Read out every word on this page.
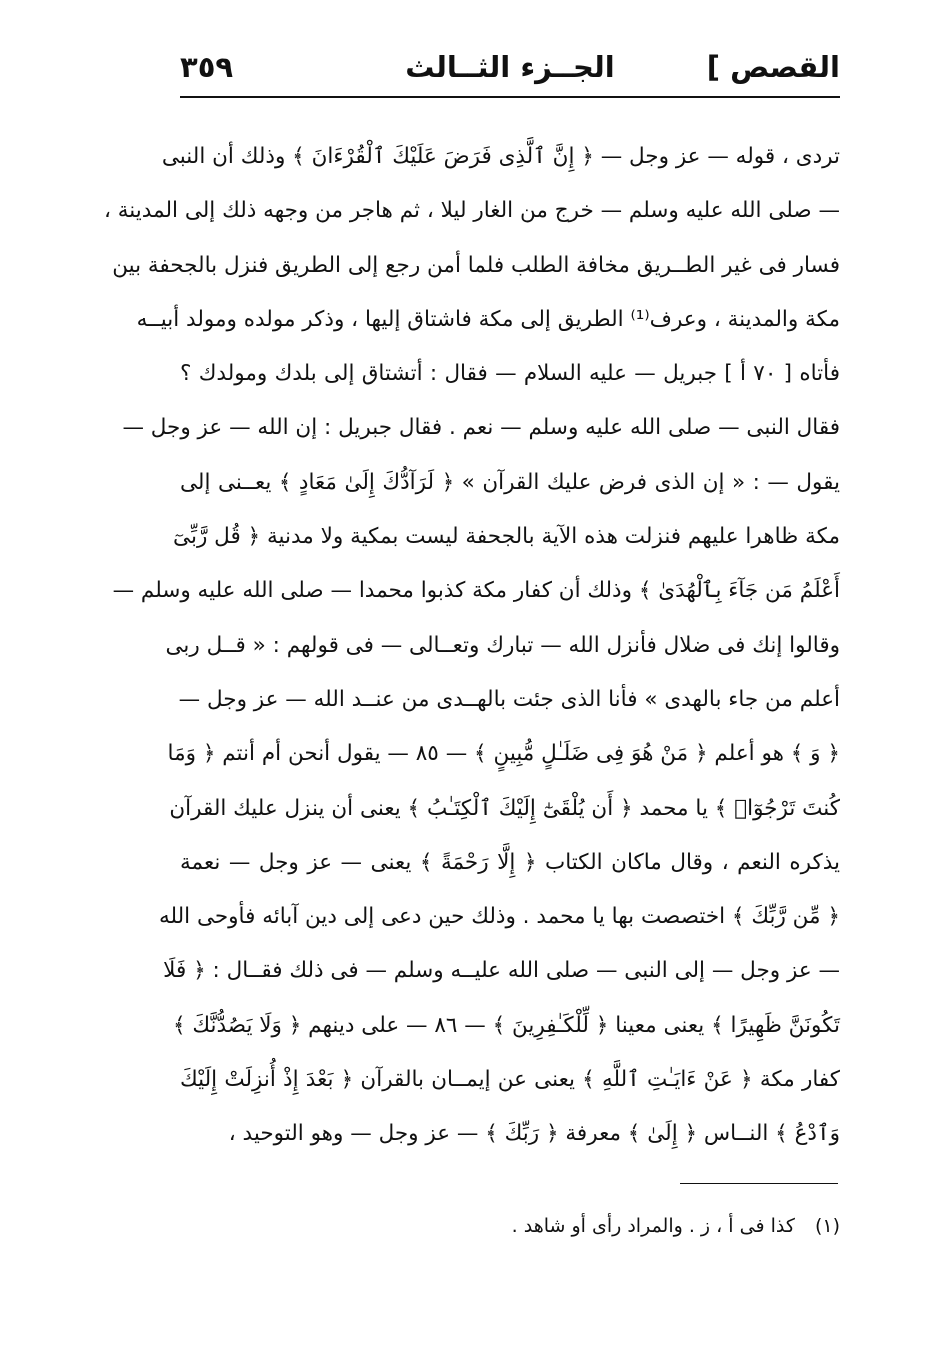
القصص ]
الجــزء الثــالث
٣٥٩
تردى ، قوله — عز وجل — ﴿ إِنَّ ٱلَّذِى فَرَضَ عَلَيْكَ ٱلْقُرْءَانَ ﴾ وذلك أن النبى
— صلى الله عليه وسلم — خرج من الغار ليلا ، ثم هاجر من وجهه ذلك إلى المدينة ،
فسار فى غير الطــريق مخافة الطلب فلما أمن رجع إلى الطريق فنزل بالجحفة بين
مكة والمدينة ، وعرف⁽¹⁾ الطريق إلى مكة فاشتاق إليها ، وذكر مولده ومولد أبيــه
فأتاه [ ٧٠ أ ] جبريل — عليه السلام — فقال : أتشتاق إلى بلدك ومولدك ؟
فقال النبى — صلى الله عليه وسلم — نعم . فقال جبريل : إن الله — عز وجل —
يقول — : « إن الذى فرض عليك القرآن » ﴿ لَرَآدُّكَ إِلَىٰ مَعَادٍ ﴾ يعــنى إلى
مكة ظاهرا عليهم فنزلت هذه الآية بالجحفة ليست بمكية ولا مدنية ﴿ قُل رَّبِّىٓ
أَعْلَمُ مَن جَآءَ بِٱلْهُدَىٰ ﴾ وذلك أن كفار مكة كذبوا محمدا — صلى الله عليه وسلم —
وقالوا إنك فى ضلال فأنزل الله — تبارك وتعــالى — فى قولهم : « قــل ربى
أعلم من جاء بالهدى » فأنا الذى جئت بالهــدى من عنــد الله — عز وجل —
﴿ وَ ﴾ هو أعلم ﴿ مَنْ هُوَ فِى ضَلَـٰلٍ مُّبِينٍ ﴾ — ٨٥ — يقول أنحن أم أنتم ﴿ وَمَا
كُنتَ تَرْجُوٓا۟ ﴾ يا محمد ﴿ أَن يُلْقَىٰٓ إِلَيْكَ ٱلْكِتَـٰبُ ﴾ يعنى أن ينزل عليك القرآن
يذكره النعم ، وقال ماكان الكتاب ﴿ إِلَّا رَحْمَةً ﴾ يعنى — عز وجل — نعمة
﴿ مِّن رَّبِّكَ ﴾ اختصصت بها يا محمد . وذلك حين دعى إلى دين آبائه فأوحى الله
— عز وجل — إلى النبى — صلى الله عليــه وسلم — فى ذلك فقــال : ﴿ فَلَا
تَكُونَنَّ ظَهِيرًا ﴾ يعنى معينا ﴿ لِّلْكَـٰفِرِينَ ﴾ — ٨٦ — على دينهم ﴿ وَلَا يَصُدُّنَّكَ ﴾
كفار مكة ﴿ عَنْ ءَايَـٰتِ ٱللَّهِ ﴾ يعنى عن إيمــان بالقرآن ﴿ بَعْدَ إِذْ أُنزِلَتْ إِلَيْكَ
وَٱدْعُ ﴾ النــاس ﴿ إِلَىٰ ﴾ معرفة ﴿ رَبِّكَ ﴾ — عز وجل — وهو التوحيد ،
(١) كذا فى أ ، ز . والمراد رأى أو شاهد .
